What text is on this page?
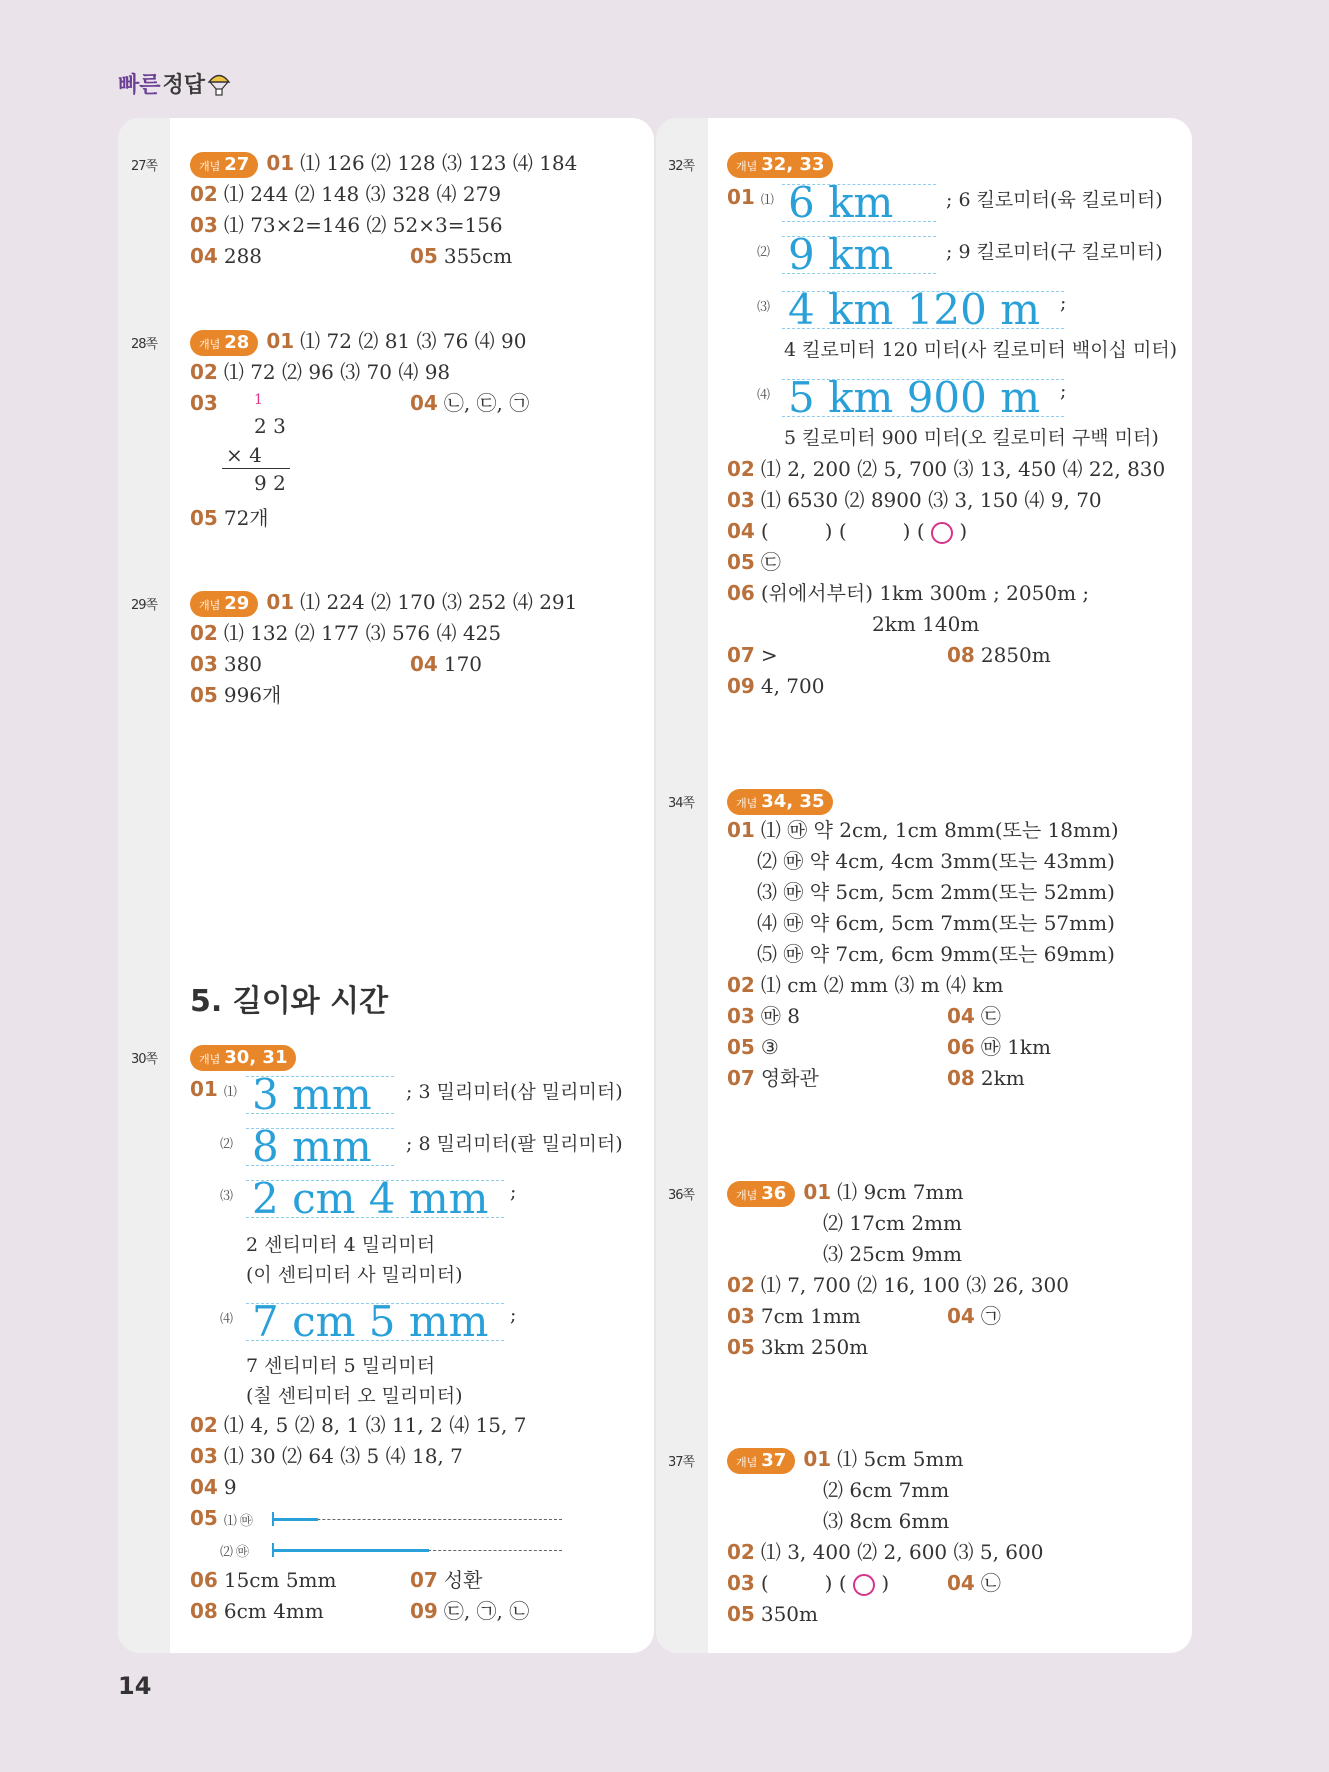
빠른 정답
27쪽	개념 27 01 ⑴ 126 ⑵ 128 ⑶ 123 ⑷ 184
02 ⑴ 244 ⑵ 148 ⑶ 328 ⑷ 279
03 ⑴ 73×2=146 ⑵ 52×3=156
04 288	05 355cm
28쪽	개념 28 01 ⑴ 72 ⑵ 81 ⑶ 76 ⑷ 90
02 ⑴ 72 ⑵ 96 ⑶ 70 ⑷ 98
03	1
2 3
× 4
9 2
04 ㉡, ㉢, ㉠
05 72개
29쪽	개념 29 01 ⑴ 224 ⑵ 170 ⑶ 252 ⑷ 291
02 ⑴ 132 ⑵ 177 ⑶ 576 ⑷ 425
03 380	04 170
05 996개
5. 길이와 시간
30쪽	개념 30, 31
01 ⑴ 3 mm	; 3 밀리미터(삼 밀리미터)
⑵ 8 mm	; 8 밀리미터(팔 밀리미터)
⑶ 2 cm 4 mm	;
2 센티미터 4 밀리미터
(이 센티미터 사 밀리미터)
⑷ 7 cm 5 mm	;
7 센티미터 5 밀리미터
(칠 센티미터 오 밀리미터)
02 ⑴ 4, 5 ⑵ 8, 1 ⑶ 11, 2 ⑷ 15, 7
03 ⑴ 30 ⑵ 64 ⑶ 5 ⑷ 18, 7
04 9
05 ⑴ ㉲
⑵ ㉲
06 15cm 5mm	07 성환
08 6cm 4mm	09 ㉢, ㉠, ㉡
32쪽	개념 32, 33
01 ⑴ 6 km	; 6 킬로미터(육 킬로미터)
⑵ 9 km	; 9 킬로미터(구 킬로미터)
⑶ 4 km 120 m	;
4 킬로미터 120 미터(사 킬로미터 백이십 미터)
⑷ 5 km 900 m	;
5 킬로미터 900 미터(오 킬로미터 구백 미터)
02 ⑴ 2, 200 ⑵ 5, 700 ⑶ 13, 450 ⑷ 22, 830
03 ⑴ 6530 ⑵ 8900 ⑶ 3, 150 ⑷ 9, 70
04 (	) (	) ( ○ )
05 ㉢
06 (위에서부터) 1km 300m ; 2050m ;
2km 140m
07 >	08 2850m
09 4, 700
34쪽	개념 34, 35
01 ⑴ ㉲ 약 2cm, 1cm 8mm(또는 18mm)
⑵ ㉲ 약 4cm, 4cm 3mm(또는 43mm)
⑶ ㉲ 약 5cm, 5cm 2mm(또는 52mm)
⑷ ㉲ 약 6cm, 5cm 7mm(또는 57mm)
⑸ ㉲ 약 7cm, 6cm 9mm(또는 69mm)
02 ⑴ cm ⑵ mm ⑶ m ⑷ km
03 ㉲ 8	04 ㉢
05 ③	06 ㉲ 1km
07 영화관	08 2km
36쪽	개념 36 01 ⑴ 9cm 7mm
⑵ 17cm 2mm
⑶ 25cm 9mm
02 ⑴ 7, 700 ⑵ 16, 100 ⑶ 26, 300
03 7cm 1mm	04 ㉠
05 3km 250m
37쪽	개념 37 01 ⑴ 5cm 5mm
⑵ 6cm 7mm
⑶ 8cm 6mm
02 ⑴ 3, 400 ⑵ 2, 600 ⑶ 5, 600
03 (	) ( ○ )	04 ㉡
05 350m
14
